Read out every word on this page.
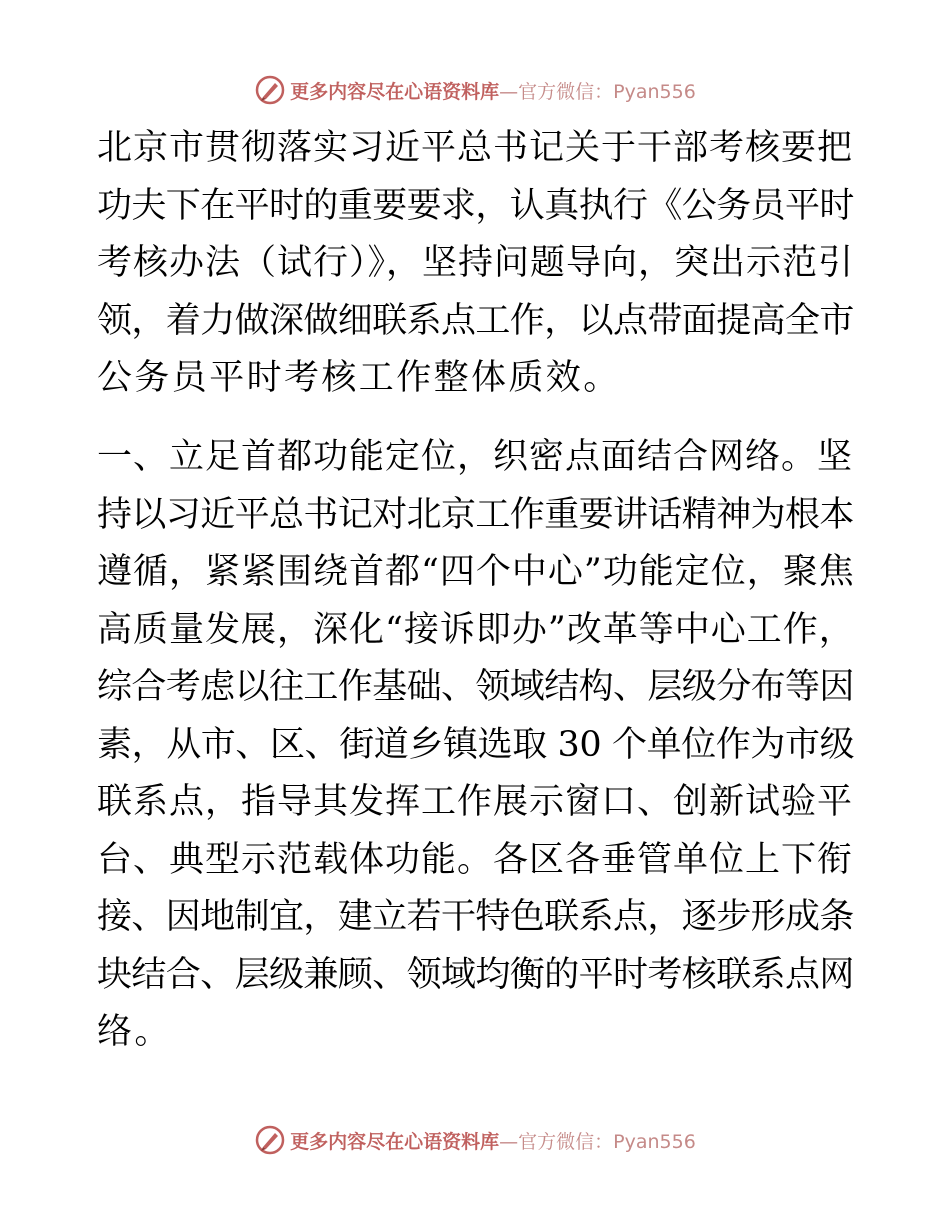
更多内容尽在心语资料库—官方微信：Pyan556
北京市贯彻落实习近平总书记关于干部考核要把
功夫下在平时的重要要求，认真执行《公务员平时
考核办法（试行）》，坚持问题导向，突出示范引
领，着力做深做细联系点工作，以点带面提高全市
公务员平时考核工作整体质效。
一、立足首都功能定位，织密点面结合网络。坚
持以习近平总书记对北京工作重要讲话精神为根本
遵循，紧紧围绕首都“四个中心”功能定位，聚焦
高质量发展，深化“接诉即办”改革等中心工作，
综合考虑以往工作基础、领域结构、层级分布等因
素，从市、区、街道乡镇选取 30 个单位作为市级
联系点，指导其发挥工作展示窗口、创新试验平
台、典型示范载体功能。各区各垂管单位上下衔
接、因地制宜，建立若干特色联系点，逐步形成条
块结合、层级兼顾、领域均衡的平时考核联系点网
络。
更多内容尽在心语资料库—官方微信：Pyan556
